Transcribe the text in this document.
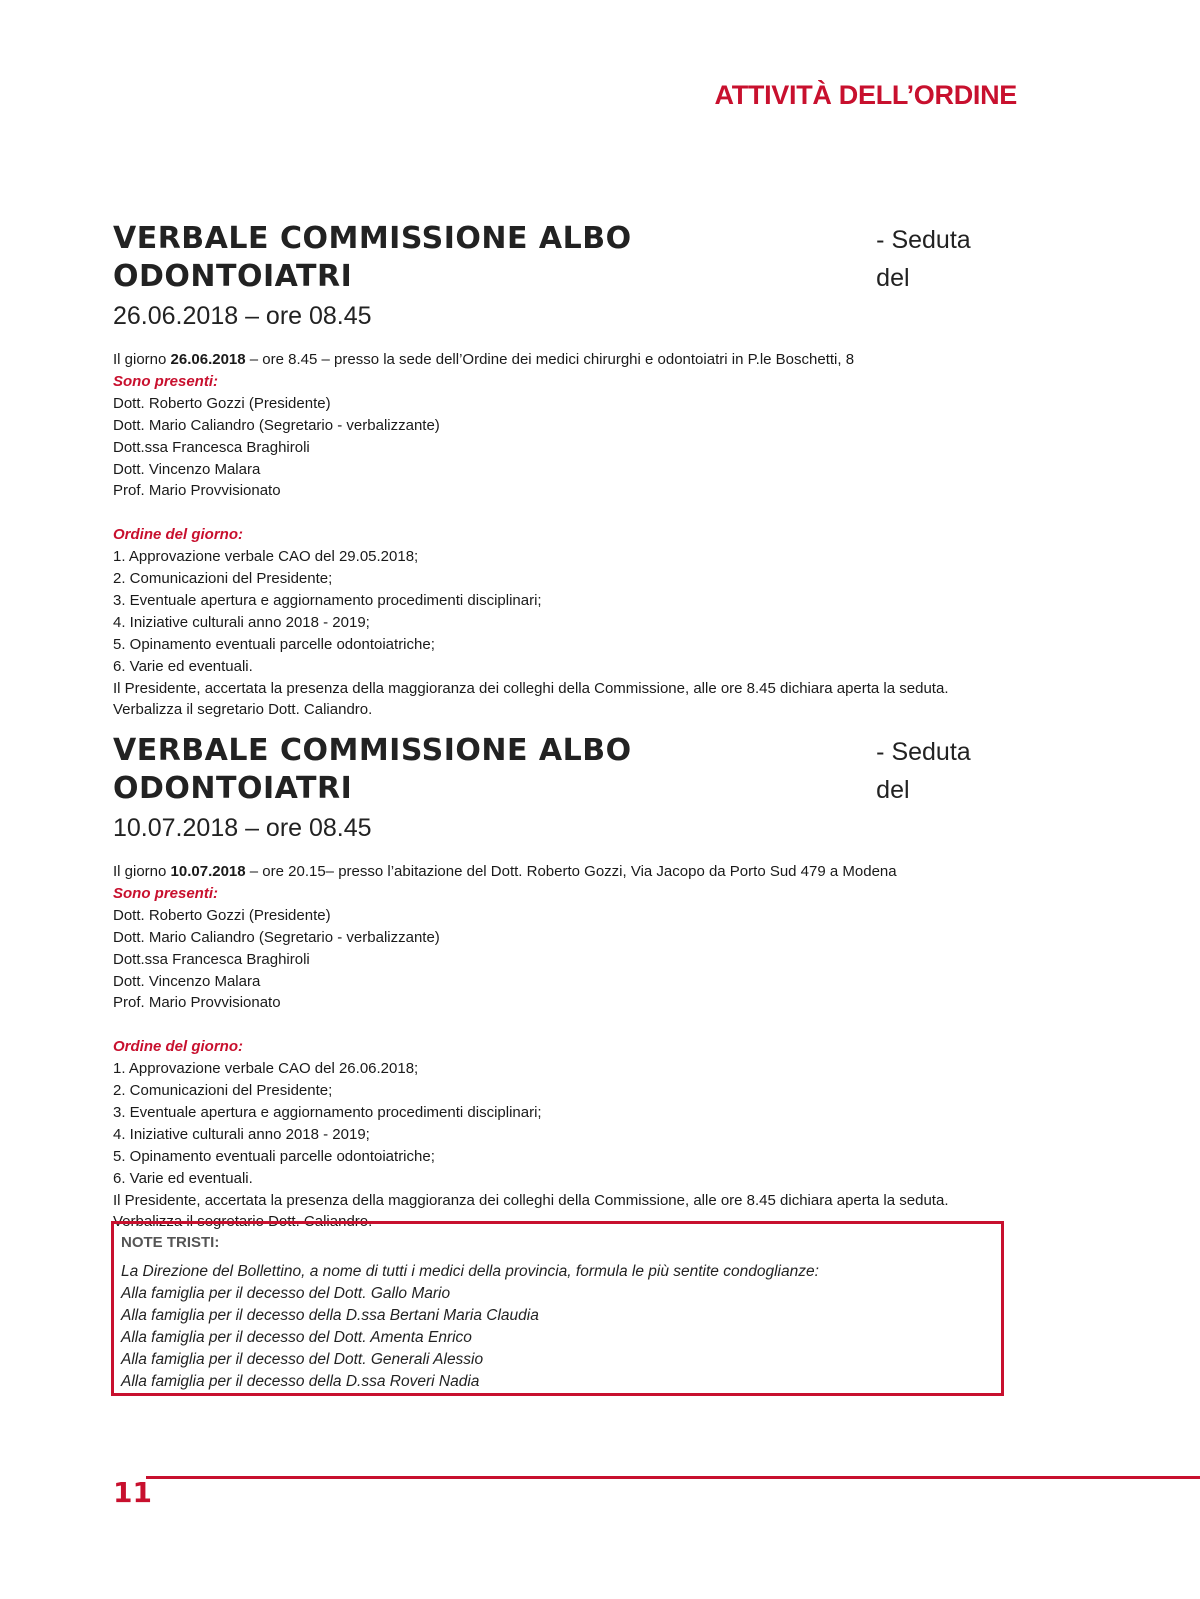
ATTIVITÀ DELL’ORDINE
VERBALE COMMISSIONE ALBO ODONTOIATRI
- Seduta del
26.06.2018 – ore 08.45
Il giorno 26.06.2018 – ore 8.45 – presso la sede dell’Ordine dei medici chirurghi e odontoiatri in P.le Boschetti, 8
Sono presenti:
Dott. Roberto Gozzi (Presidente)
Dott. Mario Caliandro (Segretario - verbalizzante)
Dott.ssa Francesca Braghiroli
Dott. Vincenzo Malara
Prof. Mario Provvisionato
Ordine del giorno:
1. Approvazione verbale CAO del 29.05.2018;
2. Comunicazioni del Presidente;
3. Eventuale apertura e aggiornamento procedimenti disciplinari;
4. Iniziative culturali anno 2018 - 2019;
5. Opinamento eventuali parcelle odontoiatriche;
6. Varie ed eventuali.
Il Presidente, accertata la presenza della maggioranza dei colleghi della Commissione, alle ore 8.45 dichiara aperta la seduta.
Verbalizza il segretario Dott. Caliandro.
VERBALE COMMISSIONE ALBO ODONTOIATRI
- Seduta del
10.07.2018 – ore 08.45
Il giorno 10.07.2018 – ore 20.15– presso l’abitazione del Dott. Roberto Gozzi, Via Jacopo da Porto Sud 479 a Modena
Sono presenti:
Dott. Roberto Gozzi (Presidente)
Dott. Mario Caliandro (Segretario - verbalizzante)
Dott.ssa Francesca Braghiroli
Dott. Vincenzo Malara
Prof. Mario Provvisionato
Ordine del giorno:
1. Approvazione verbale CAO del 26.06.2018;
2. Comunicazioni del Presidente;
3. Eventuale apertura e aggiornamento procedimenti disciplinari;
4. Iniziative culturali anno 2018 - 2019;
5. Opinamento eventuali parcelle odontoiatriche;
6. Varie ed eventuali.
Il Presidente, accertata la presenza della maggioranza dei colleghi della Commissione, alle ore 8.45 dichiara aperta la seduta.
Verbalizza il segretario Dott. Caliandro.
NOTE TRISTI:
La Direzione del Bollettino, a nome di tutti i medici della provincia, formula le più sentite condoglianze:
Alla famiglia per il decesso del Dott. Gallo Mario
Alla famiglia per il decesso della D.ssa Bertani Maria Claudia
Alla famiglia per il decesso del Dott. Amenta Enrico
Alla famiglia per il decesso del Dott. Generali Alessio
Alla famiglia per il decesso della D.ssa Roveri Nadia
11
